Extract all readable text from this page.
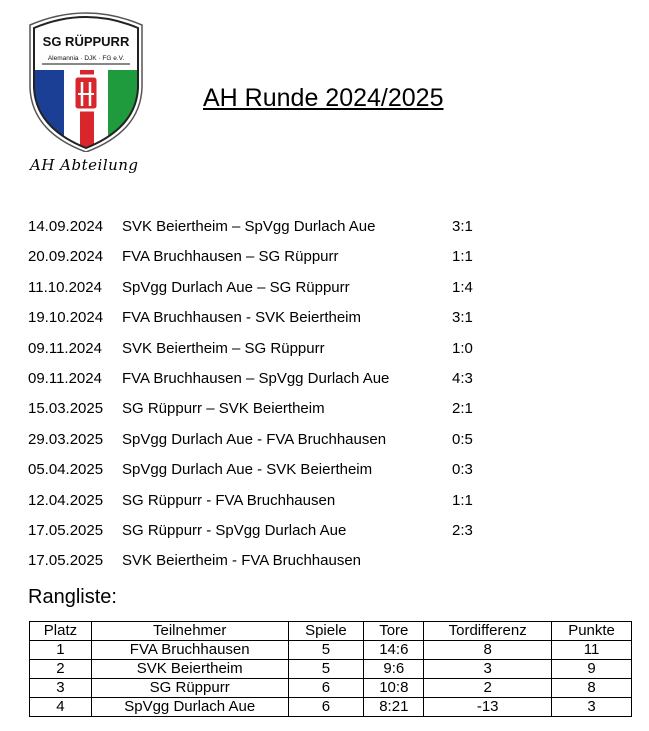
SG RÜPPURR
Alemannia · DJK · FG e.V.
AH Abteilung
AH Runde 2024/2025
14.09.2024 SVK Beiertheim – SpVgg Durlach Aue	3:1
20.09.2024 FVA Bruchhausen – SG Rüppurr	1:1
11.10.2024 SpVgg Durlach Aue – SG Rüppurr	1:4
19.10.2024 FVA Bruchhausen - SVK Beiertheim	3:1
09.11.2024 SVK Beiertheim – SG Rüppurr	1:0
09.11.2024 FVA Bruchhausen – SpVgg Durlach Aue	4:3
15.03.2025 SG Rüppurr – SVK Beiertheim	2:1
29.03.2025 SpVgg Durlach Aue - FVA Bruchhausen	0:5
05.04.2025 SpVgg Durlach Aue - SVK Beiertheim	0:3
12.04.2025 SG Rüppurr - FVA Bruchhausen	1:1
17.05.2025 SG Rüppurr - SpVgg Durlach Aue	2:3
17.05.2025 SVK Beiertheim - FVA Bruchhausen
Rangliste:
Platz	Teilnehmer	Spiele	Tore	Tordifferenz	Punkte
1	FVA Bruchhausen	5	14:6	8	11
2	SVK Beiertheim	5	9:6	3	9
3	SG Rüppurr	6	10:8	2	8
4	SpVgg Durlach Aue	6	8:21	-13	3
